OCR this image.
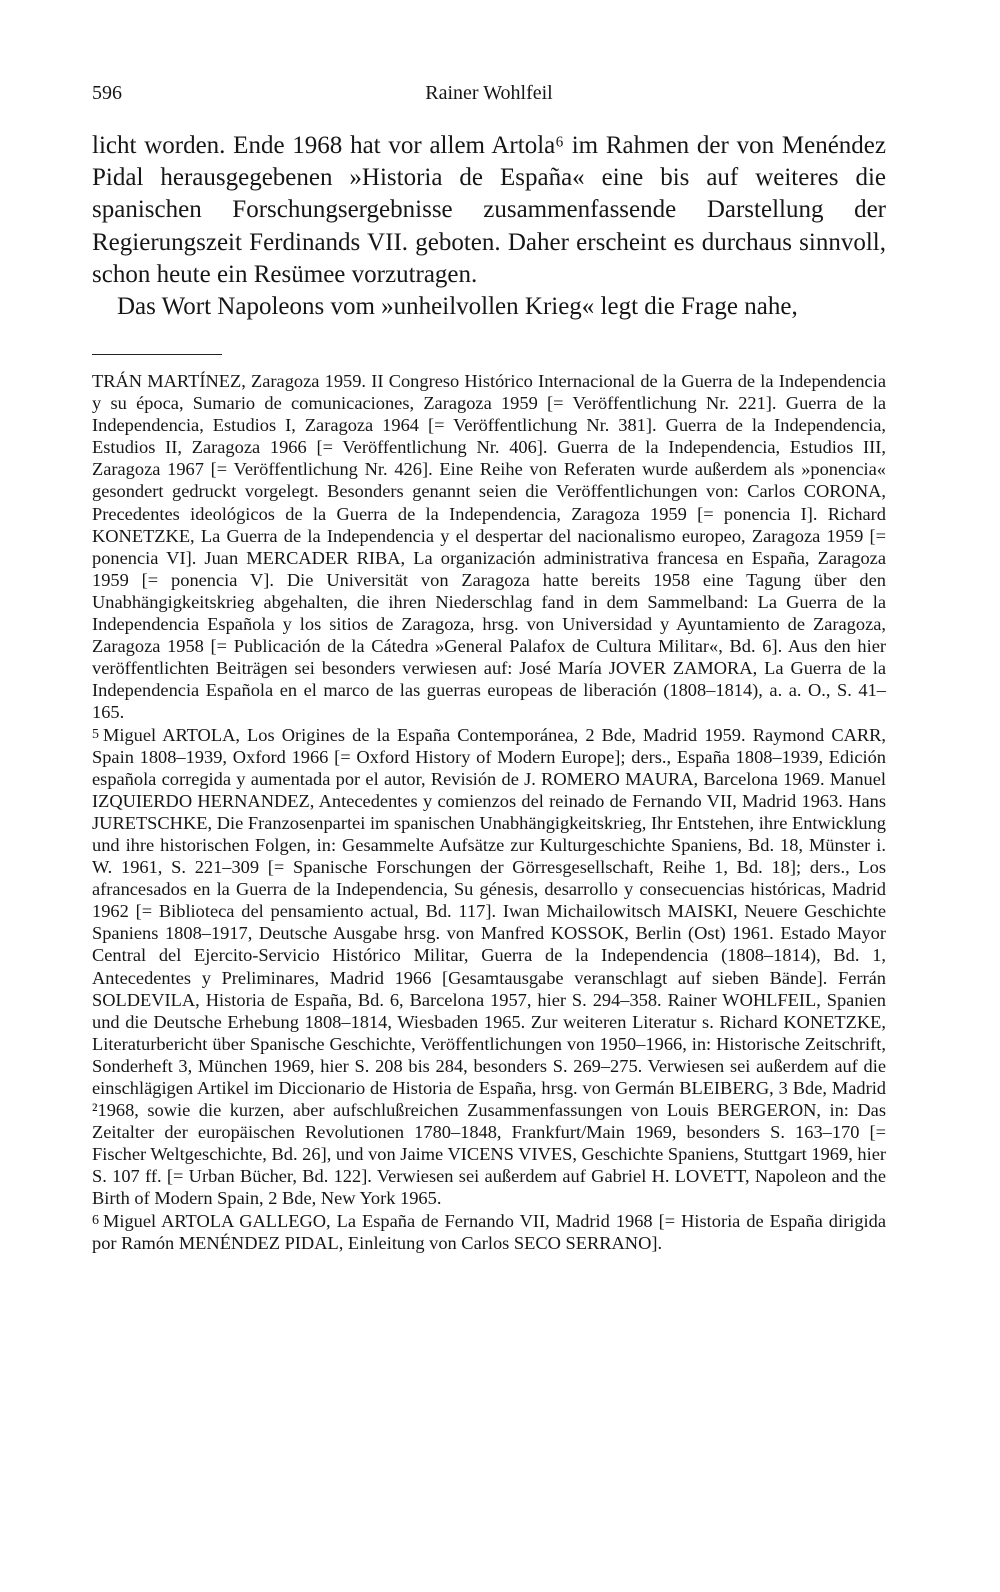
596	Rainer Wohlfeil

licht worden. Ende 1968 hat vor allem Artola⁶ im Rahmen der von Menéndez Pidal herausgegebenen »Historia de España« eine bis auf weiteres die spanischen Forschungsergebnisse zusammenfassende Darstellung der Regierungszeit Ferdinands VII. geboten. Daher erscheint es durchaus sinnvoll, schon heute ein Resümee vorzutragen.

Das Wort Napoleons vom »unheilvollen Krieg« legt die Frage nahe,

TRÁN MARTÍNEZ, Zaragoza 1959. II Congreso Histórico Internacional de la Guerra de la Independencia y su época, Sumario de comunicaciones, Zaragoza 1959 [= Veröffentlichung Nr. 221]. Guerra de la Independencia, Estudios I, Zaragoza 1964 [= Veröffentlichung Nr. 381]. Guerra de la Independencia, Estudios II, Zaragoza 1966 [= Veröffentlichung Nr. 406]. Guerra de la Independencia, Estudios III, Zaragoza 1967 [= Veröffentlichung Nr. 426]. Eine Reihe von Referaten wurde außerdem als »ponencia« gesondert gedruckt vorgelegt. Besonders genannt seien die Veröffentlichungen von: Carlos CORONA, Precedentes ideológicos de la Guerra de la Independencia, Zaragoza 1959 [= ponencia I]. Richard KONETZKE, La Guerra de la Independencia y el despertar del nacionalismo europeo, Zaragoza 1959 [= ponencia VI]. Juan MERCADER RIBA, La organización administrativa francesa en España, Zaragoza 1959 [= ponencia V]. Die Universität von Zaragoza hatte bereits 1958 eine Tagung über den Unabhängigkeitskrieg abgehalten, die ihren Niederschlag fand in dem Sammelband: La Guerra de la Independencia Española y los sitios de Zaragoza, hrsg. von Universidad y Ayuntamiento de Zaragoza, Zaragoza 1958 [= Publicación de la Cátedra »General Palafox de Cultura Militar«, Bd. 6]. Aus den hier veröffentlichten Beiträgen sei besonders verwiesen auf: José María JOVER ZAMORA, La Guerra de la Independencia Española en el marco de las guerras europeas de liberación (1808–1814), a. a. O., S. 41–165.

5 Miguel ARTOLA, Los Origines de la España Contemporánea, 2 Bde, Madrid 1959. Raymond CARR, Spain 1808–1939, Oxford 1966 [= Oxford History of Modern Europe]; ders., España 1808–1939, Edición española corregida y aumentada por el autor, Revisión de J. ROMERO MAURA, Barcelona 1969. Manuel IZQUIERDO HERNANDEZ, Antecedentes y comienzos del reinado de Fernando VII, Madrid 1963. Hans JURETSCHKE, Die Franzosenpartei im spanischen Unabhängigkeitskrieg, Ihr Entstehen, ihre Entwicklung und ihre historischen Folgen, in: Gesammelte Aufsätze zur Kulturgeschichte Spaniens, Bd. 18, Münster i. W. 1961, S. 221–309 [= Spanische Forschungen der Görresgesellschaft, Reihe 1, Bd. 18]; ders., Los afrancesados en la Guerra de la Independencia, Su génesis, desarrollo y consecuencias históricas, Madrid 1962 [= Biblioteca del pensamiento actual, Bd. 117]. Iwan Michailowitsch MAISKI, Neuere Geschichte Spaniens 1808–1917, Deutsche Ausgabe hrsg. von Manfred KOSSOK, Berlin (Ost) 1961. Estado Mayor Central del Ejercito-Servicio Histórico Militar, Guerra de la Independencia (1808–1814), Bd. 1, Antecedentes y Preliminares, Madrid 1966 [Gesamtausgabe veranschlagt auf sieben Bände]. Ferrán SOLDEVILA, Historia de España, Bd. 6, Barcelona 1957, hier S. 294–358. Rainer WOHLFEIL, Spanien und die Deutsche Erhebung 1808–1814, Wiesbaden 1965. Zur weiteren Literatur s. Richard KONETZKE, Literaturbericht über Spanische Geschichte, Veröffentlichungen von 1950–1966, in: Historische Zeitschrift, Sonderheft 3, München 1969, hier S. 208 bis 284, besonders S. 269–275. Verwiesen sei außerdem auf die einschlägigen Artikel im Diccionario de Historia de España, hrsg. von Germán BLEIBERG, 3 Bde, Madrid ²1968, sowie die kurzen, aber aufschlußreichen Zusammenfassungen von Louis BERGERON, in: Das Zeitalter der europäischen Revolutionen 1780–1848, Frankfurt/Main 1969, besonders S. 163–170 [= Fischer Weltgeschichte, Bd. 26], und von Jaime VICENS VIVES, Geschichte Spaniens, Stuttgart 1969, hier S. 107 ff. [= Urban Bücher, Bd. 122]. Verwiesen sei außerdem auf Gabriel H. LOVETT, Napoleon and the Birth of Modern Spain, 2 Bde, New York 1965.

6 Miguel ARTOLA GALLEGO, La España de Fernando VII, Madrid 1968 [= Historia de España dirigida por Ramón MENÉNDEZ PIDAL, Einleitung von Carlos SECO SERRANO].
